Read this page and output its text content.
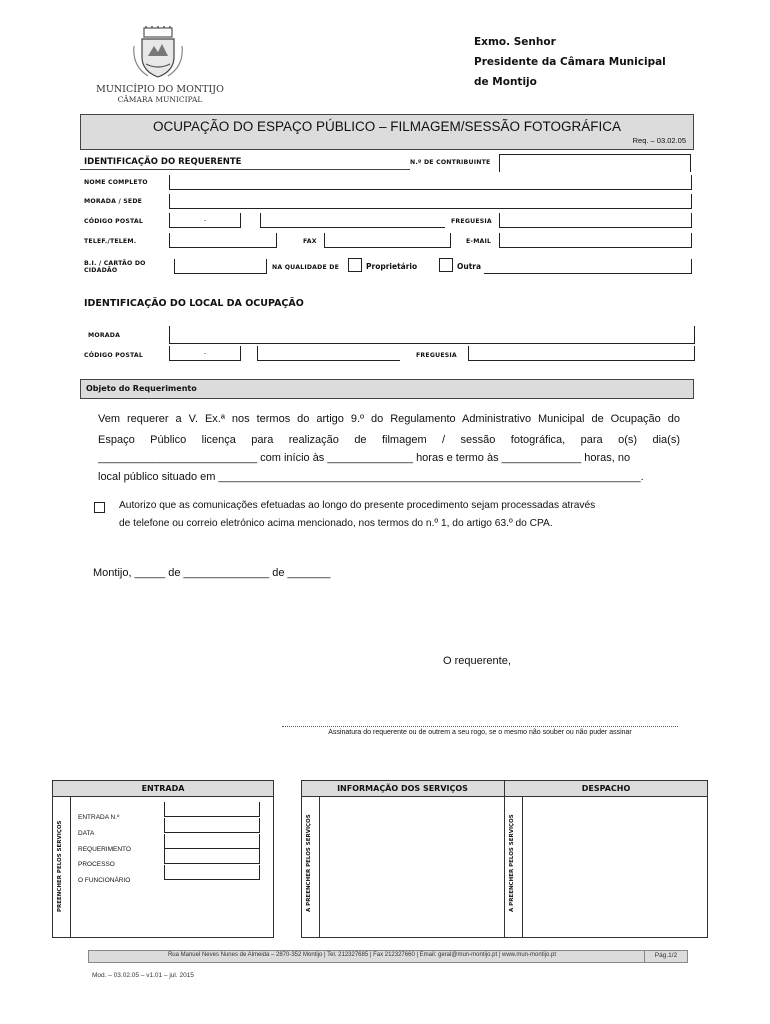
MUNICÍPIO DO MONTIJO
CÂMARA MUNICIPAL
Exmo. Senhor
Presidente da Câmara Municipal
de Montijo
OCUPAÇÃO DO ESPAÇO PÚBLICO – FILMAGEM/SESSÃO FOTOGRÁFICA
Req. – 03.02.05
IDENTIFICAÇÃO DO REQUERENTE	N.º DE CONTRIBUINTE
NOME COMPLETO
MORADA / SEDE
CÓDIGO POSTAL	-	FREGUESIA
TELEF./TELEM.	FAX	E-MAIL
B.I. / CARTÃO DO
CIDADÃO	NA QUALIDADE DE	Proprietário	Outra
IDENTIFICAÇÃO DO LOCAL DA OCUPAÇÃO
MORADA
CÓDIGO POSTAL	-	FREGUESIA
Objeto do Requerimento
Vem requerer a V. Ex.ª nos termos do artigo 9.º do Regulamento Administrativo Municipal de Ocupação do
Espaço Público licença para realização de filmagem / sessão fotográfica, para o(s) dia(s)
__________________________ com início às ______________ horas e termo às _____________ horas, no
local público situado em _____________________________________________________________________.
Autorizo que as comunicações efetuadas ao longo do presente procedimento sejam processadas através
de telefone ou correio eletrónico acima mencionado, nos termos do n.º 1, do artigo 63.º do CPA.
Montijo, _____ de ______________ de _______
O requerente,
Assinatura do requerente ou de outrem a seu rogo, se o mesmo não souber ou não puder assinar
ENTRADA
PREENCHER PELOS SERVIÇOS
ENTRADA N.º
DATA
REQUERIMENTO
PROCESSO
O FUNCIONÁRIO
INFORMAÇÃO DOS SERVIÇOS	DESPACHO
A PREENCHER PELOS SERVIÇOS	A PREENCHER PELOS SERVIÇOS
Rua Manuel Neves Nunes de Almeida – 2870-352 Montijo | Tel. 212327685 | Fax 212327660 | Email: geral@mun-montijo.pt | www.mun-montijo.pt	Pág.1/2
Mod. – 03.02.05 – v1.01 – jul. 2015
